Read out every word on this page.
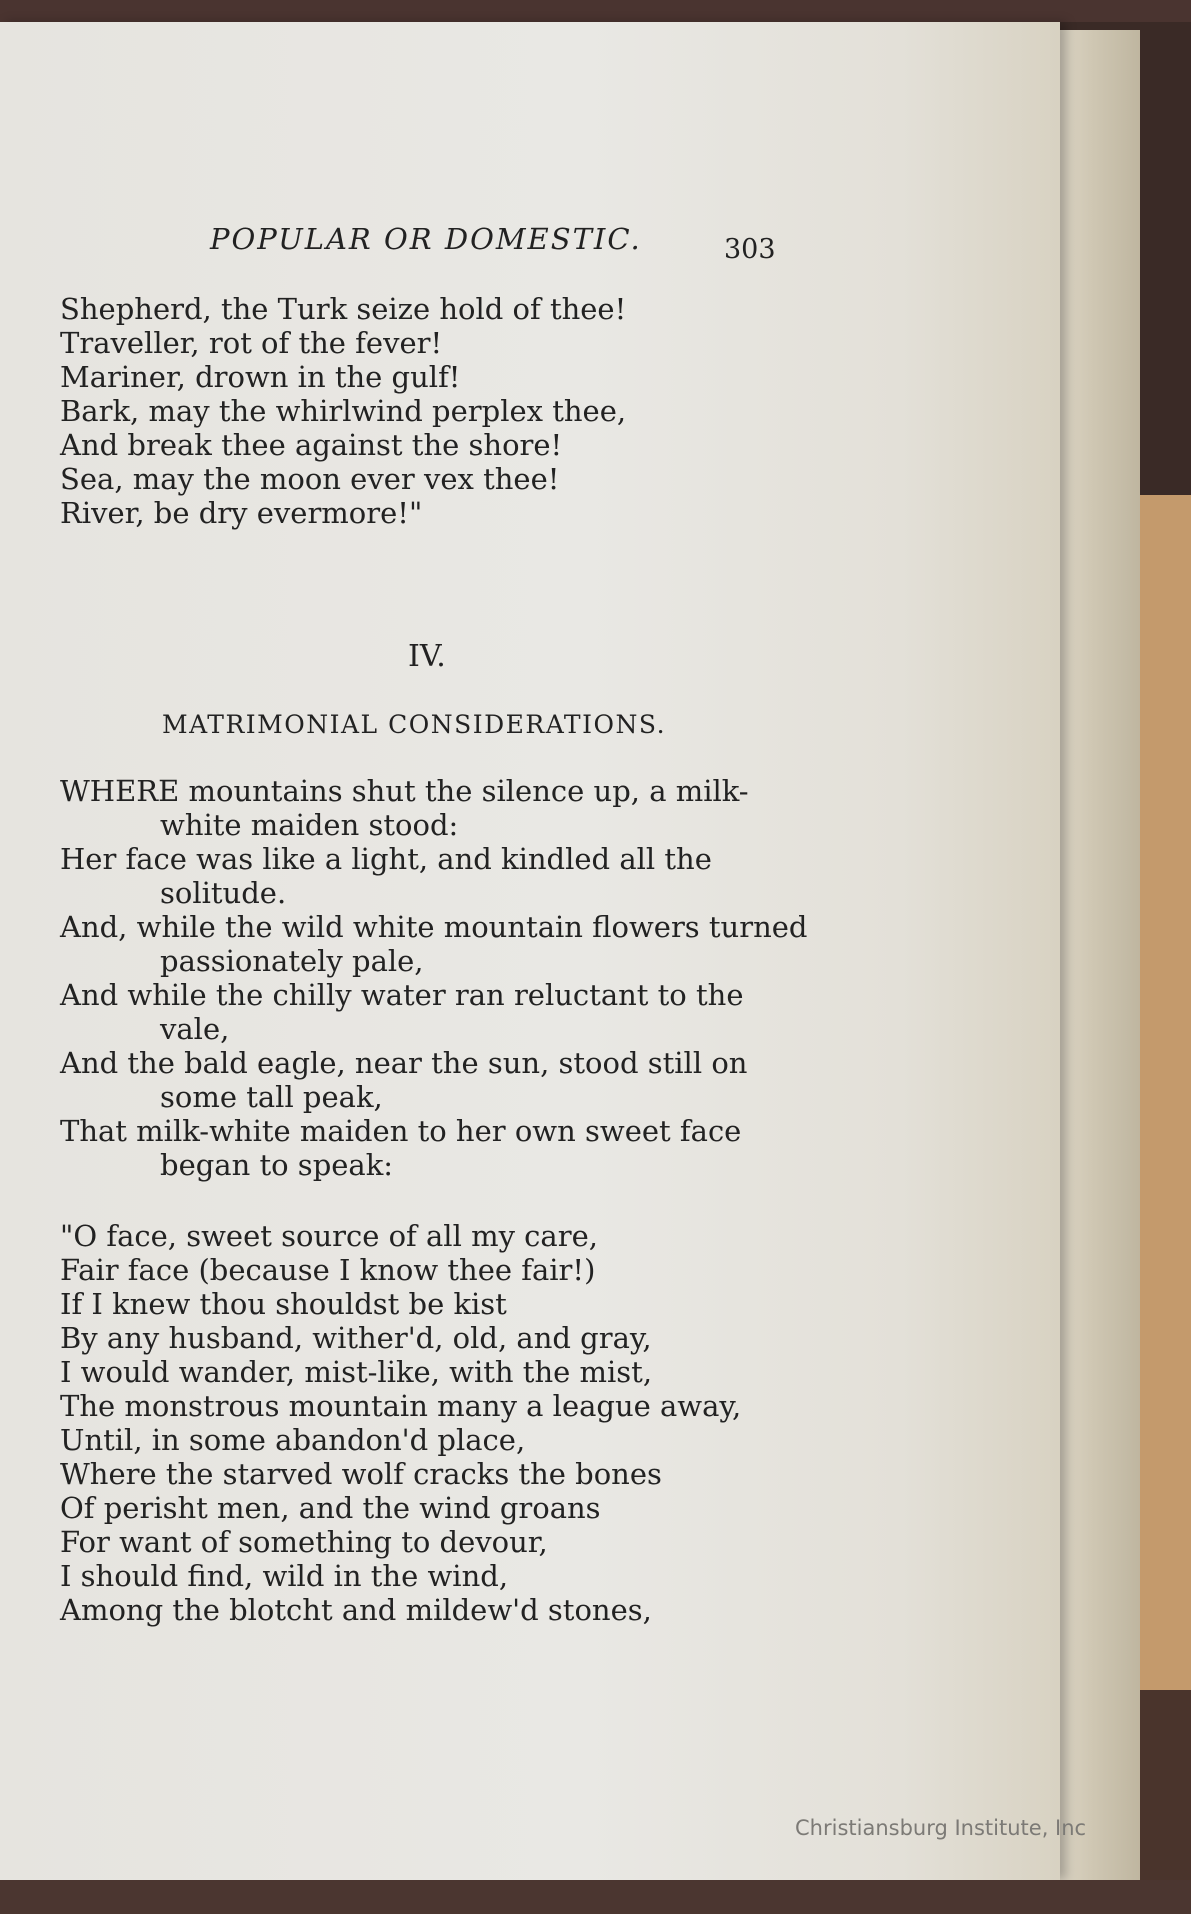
POPULAR OR DOMESTIC.	303
Shepherd, the Turk seize hold of thee!
Traveller, rot of the fever!
Mariner, drown in the gulf!
Bark, may the whirlwind perplex thee,
And break thee against the shore!
Sea, may the moon ever vex thee!
River, be dry evermore!"
IV.
MATRIMONIAL CONSIDERATIONS.
WHERE mountains shut the silence up, a milk-
white maiden stood:
Her face was like a light, and kindled all the
solitude.
And, while the wild white mountain flowers turned
passionately pale,
And while the chilly water ran reluctant to the
vale,
And the bald eagle, near the sun, stood still on
some tall peak,
That milk-white maiden to her own sweet face
began to speak:
"O face, sweet source of all my care,
Fair face (because I know thee fair!)
If I knew thou shouldst be kist
By any husband, wither'd, old, and gray,
I would wander, mist-like, with the mist,
The monstrous mountain many a league away,
Until, in some abandon'd place,
Where the starved wolf cracks the bones
Of perisht men, and the wind groans
For want of something to devour,
I should find, wild in the wind,
Among the blotcht and mildew'd stones,
Christiansburg Institute, Inc
